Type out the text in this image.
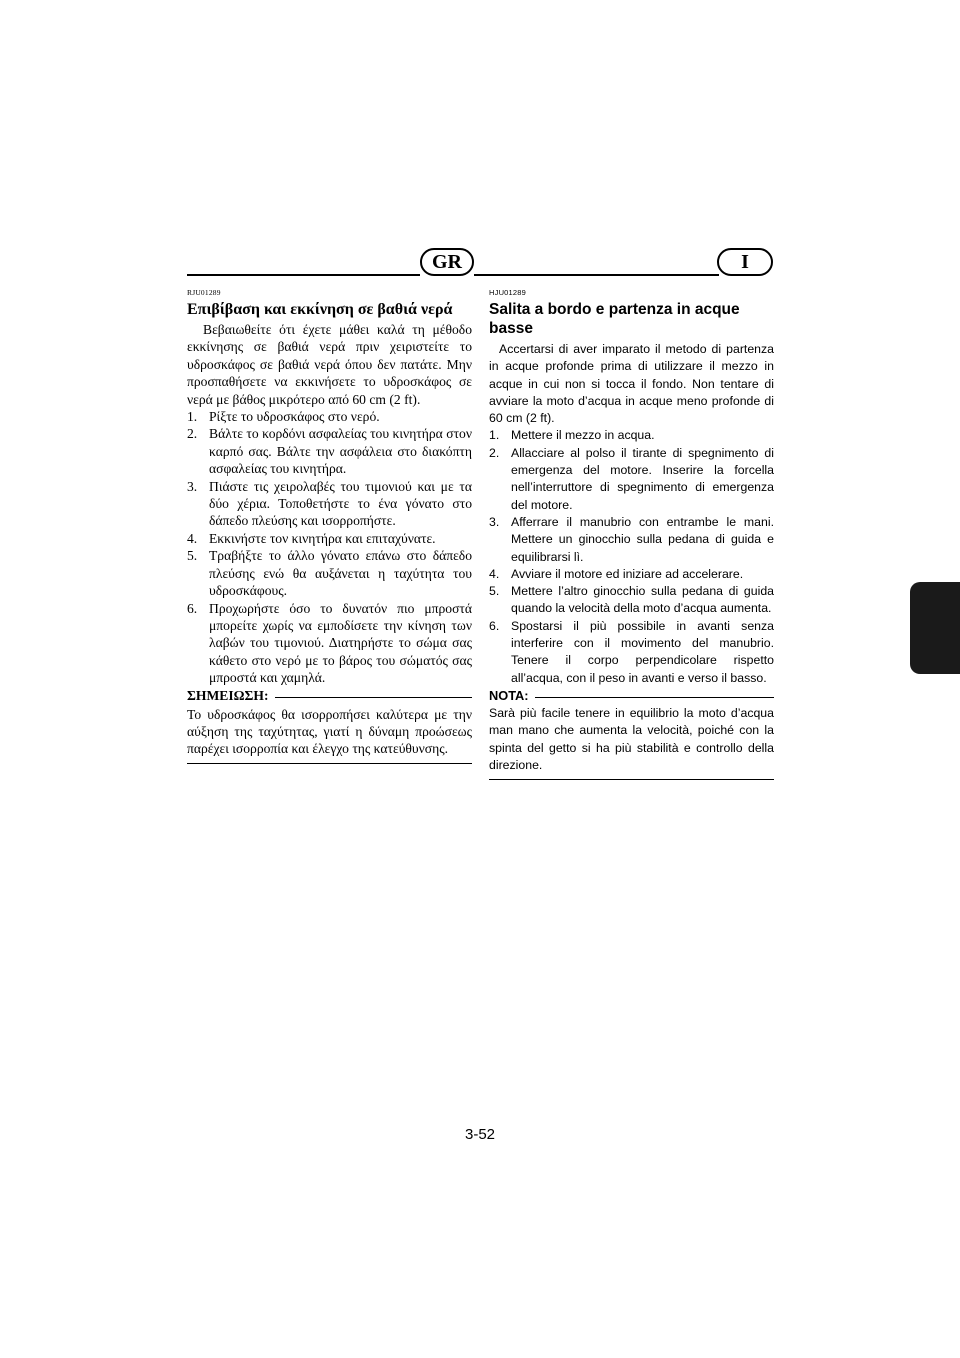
GR	I
RJU01289
Επιβίβαση και εκκίνηση σε βαθιά νερά

Βεβαιωθείτε ότι έχετε μάθει καλά τη μέθοδο εκκίνησης σε βαθιά νερά πριν χειριστείτε το υδροσκάφος σε βαθιά νερά όπου δεν πατάτε. Μην προσπαθήσετε να εκκινήσετε το υδροσκάφος σε νερά με βάθος μικρότερο από 60 cm (2 ft).

1. Ρίξτε το υδροσκάφος στο νερό.
2. Βάλτε το κορδόνι ασφαλείας του κινητήρα στον καρπό σας. Βάλτε την ασφάλεια στο διακόπτη ασφαλείας του κινητήρα.
3. Πιάστε τις χειρολαβές του τιμονιού και με τα δύο χέρια. Τοποθετήστε το ένα γόνατο στο δάπεδο πλεύσης και ισορροπήστε.
4. Εκκινήστε τον κινητήρα και επιταχύνατε.
5. Τραβήξτε το άλλο γόνατο επάνω στο δάπεδο πλεύσης ενώ θα αυξάνεται η ταχύτητα του υδροσκάφους.
6. Προχωρήστε όσο το δυνατόν πιο μπροστά μπορείτε χωρίς να εμποδίσετε την κίνηση των λαβών του τιμονιού. Διατηρήστε το σώμα σας κάθετο στο νερό με το βάρος του σώματός σας μπροστά και χαμηλά.
ΣΗΜΕΙΩΣΗ:

Το υδροσκάφος θα ισορροπήσει καλύτερα με την αύξηση της ταχύτητας, γιατί η δύναμη προώσεως παρέχει ισορροπία και έλεγχο της κατεύθυνσης.

HJU01289
Salita a bordo e partenza in acque basse

Accertarsi di aver imparato il metodo di partenza in acque profonde prima di utilizzare il mezzo in acque in cui non si tocca il fondo. Non tentare di avviare la moto d’acqua in acque meno profonde di 60 cm (2 ft).

1. Mettere il mezzo in acqua.
2. Allacciare al polso il tirante di spegnimento di emergenza del motore. Inserire la forcella nell’interruttore di spegnimento di emergenza del motore.
3. Afferrare il manubrio con entrambe le mani. Mettere un ginocchio sulla pedana di guida e equilibrarsi lì.
4. Avviare il motore ed iniziare ad accelerare.
5. Mettere l’altro ginocchio sulla pedana di guida quando la velocità della moto d’acqua aumenta.
6. Spostarsi il più possibile in avanti senza interferire con il movimento del manubrio. Tenere il corpo perpendicolare rispetto all’acqua, con il peso in avanti e verso il basso.
NOTA:

Sarà più facile tenere in equilibrio la moto d’acqua man mano che aumenta la velocità, poiché con la spinta del getto si ha più stabilità e controllo della direzione.

3-52
